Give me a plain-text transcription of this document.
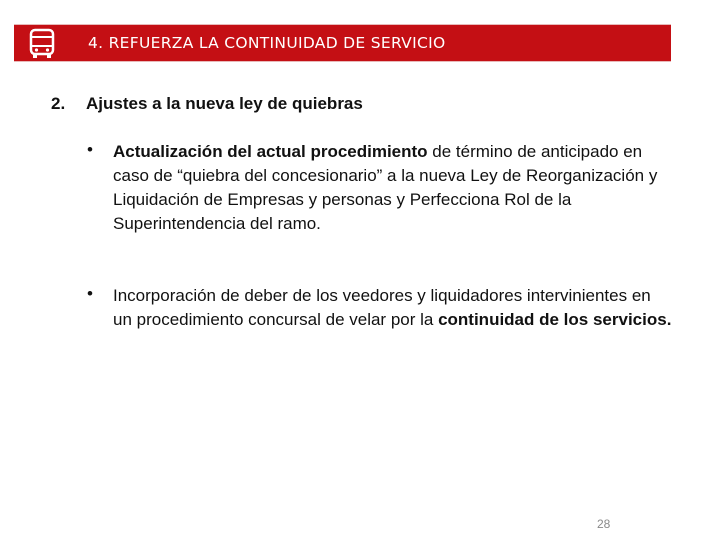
4. REFUERZA LA CONTINUIDAD DE SERVICIO
2. Ajustes a la nueva ley de quiebras
• Actualización del actual procedimiento de término de anticipado en caso de “quiebra del concesionario” a la nueva Ley de Reorganización y Liquidación de Empresas y personas y Perfecciona Rol de la Superintendencia del ramo.
• Incorporación de deber de los veedores y liquidadores intervinientes en un procedimiento concursal de velar por la continuidad de los servicios.
28
